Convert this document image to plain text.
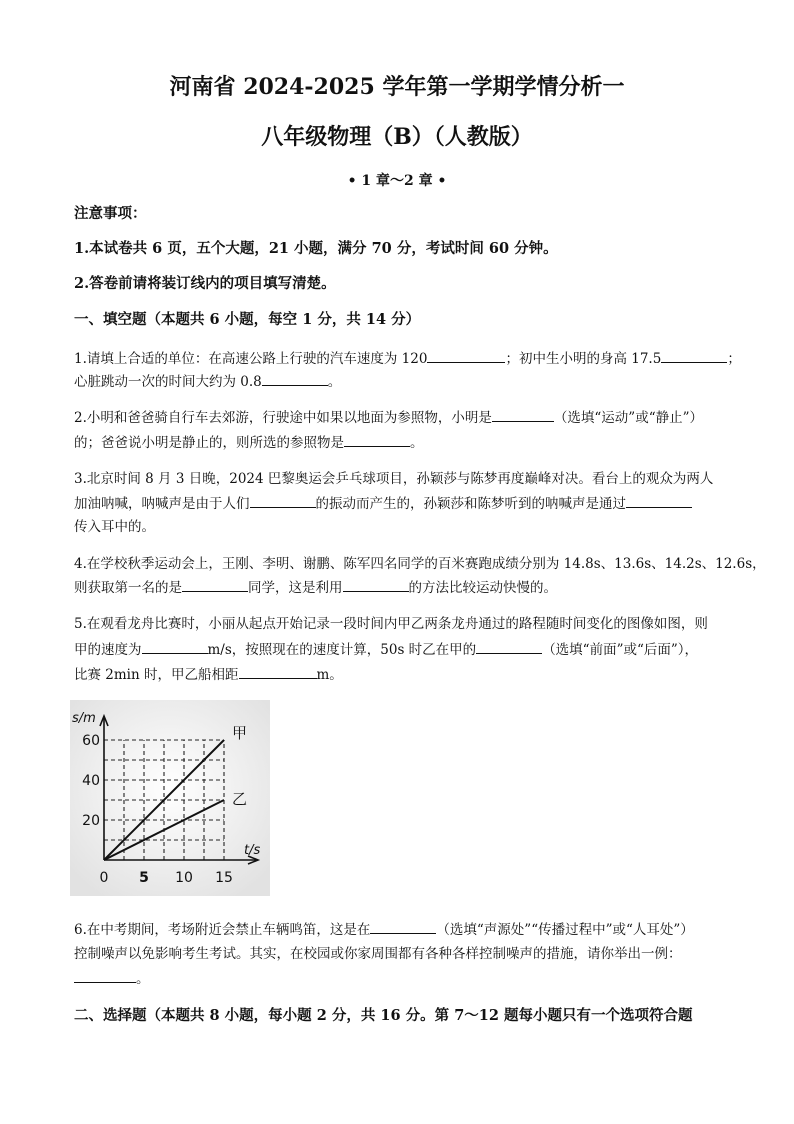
河南省 2024-2025 学年第一学期学情分析一
八年级物理（B）（人教版）
• 1 章～2 章 •
注意事项：
1.本试卷共 6 页，五个大题，21 小题，满分 70 分，考试时间 60 分钟。
2.答卷前请将装订线内的项目填写清楚。
一、填空题（本题共 6 小题，每空 1 分，共 14 分）
1.请填上合适的单位：在高速公路上行驶的汽车速度为 120	；初中生小明的身高 17.5	；
心脏跳动一次的时间大约为 0.8	。
2.小明和爸爸骑自行车去郊游，行驶途中如果以地面为参照物，小明是	（选填“运动”或“静止”）
的；爸爸说小明是静止的，则所选的参照物是	。
3.北京时间 8 月 3 日晚，2024 巴黎奥运会乒乓球项目，孙颖莎与陈梦再度巅峰对决。看台上的观众为两人
加油呐喊，呐喊声是由于人们	的振动而产生的，孙颖莎和陈梦听到的呐喊声是通过
传入耳中的。
4.在学校秋季运动会上，王刚、李明、谢鹏、陈军四名同学的百米赛跑成绩分别为 14.8s、13.6s、14.2s、12.6s，
则获取第一名的是	同学，这是利用	的方法比较运动快慢的。
5.在观看龙舟比赛时，小丽从起点开始记录一段时间内甲乙两条龙舟通过的路程随时间变化的图像如图，则
甲的速度为	m/s，按照现在的速度计算，50s 时乙在甲的	（选填“前面”或“后面”），
比赛 2min 时，甲乙船相距	m。
甲
乙
20
40
60
0 5 10 15
s/m
t/s
6.在中考期间，考场附近会禁止车辆鸣笛，这是在	（选填“声源处”“传播过程中”或“人耳处”）
控制噪声以免影响考生考试。其实，在校园或你家周围都有各种各样控制噪声的措施，请你举出一例：
。
二、选择题（本题共 8 小题，每小题 2 分，共 16 分。第 7～12 题每小题只有一个选项符合题
